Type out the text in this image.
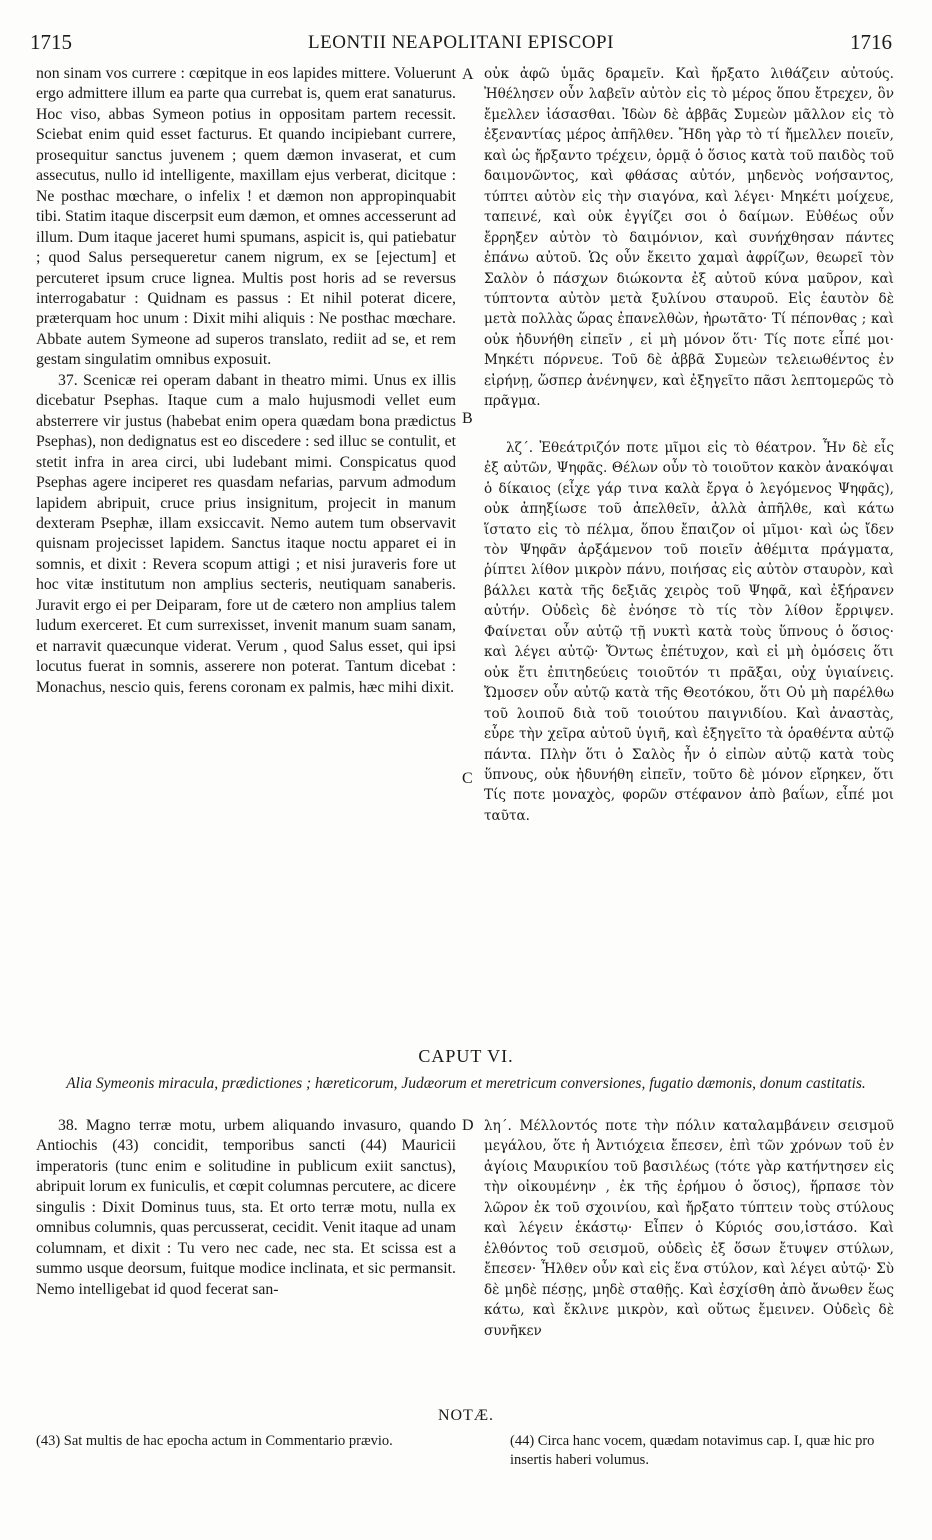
1715	LEONTII NEAPOLITANI EPISCOPI	1716
A
B
C
D

non sinam vos currere : cœpitque in eos lapides mittere. Voluerunt ergo admittere illum ea parte qua currebat is, quem erat sanaturus. Hoc viso, abbas Symeon potius in oppositam partem recessit. Sciebat enim quid esset facturus. Et quando incipiebant currere, prosequitur sanctus juvenem ; quem dæmon invaserat, et cum assecutus, nullo id intelligente, maxillam ejus verberat, dicitque : Ne posthac mœchare, o infelix ! et dæmon non appropinquabit tibi. Statim itaque discerpsit eum dæmon, et omnes accesserunt ad illum. Dum itaque jaceret humi spumans, aspicit is, qui patiebatur ; quod Salus persequeretur canem nigrum, ex se [ejectum] et percuteret ipsum cruce lignea. Multis post horis ad se reversus interrogabatur : Quidnam es passus : Et nihil poterat dicere, præterquam hoc unum : Dixit mihi aliquis : Ne posthac mœchare. Abbate autem Symeone ad superos translato, rediit ad se, et rem gestam singulatim omnibus exposuit.

37. Scenicæ rei operam dabant in theatro mimi. Unus ex illis dicebatur Psephas. Itaque cum a malo hujusmodi vellet eum absterrere vir justus (habebat enim opera quædam bona prædictus Psephas), non dedignatus est eo discedere : sed illuc se contulit, et stetit infra in area circi, ubi ludebant mimi. Conspicatus quod Psephas agere inciperet res quasdam nefarias, parvum admodum lapidem abripuit, cruce prius insignitum, projecit in manum dexteram Psephæ, illam exsiccavit. Nemo autem tum observavit quisnam projecisset lapidem. Sanctus itaque noctu apparet ei in somnis, et dixit : Revera scopum attigi ; et nisi juraveris fore ut hoc vitæ institutum non amplius secteris, neutiquam sanaberis. Juravit ergo ei per Deiparam, fore ut de cætero non amplius talem ludum exerceret. Et cum surrexisset, invenit manum suam sanam, et narravit quæcunque viderat. Verum , quod Salus esset, qui ipsi locutus fuerat in somnis, asserere non poterat. Tantum dicebat : Monachus, nescio quis, ferens coronam ex palmis, hæc mihi dixit.

οὐκ ἀφῶ ὑμᾶς δραμεῖν. Καὶ ἤρξατο λιθάζειν αὐτούς. Ἠθέλησεν οὖν λαβεῖν αὐτὸν εἰς τὸ μέρος ὅπου ἔτρεχεν, ὃν ἔμελλεν ἰάσασθαι. Ἰδὼν δὲ ἀββᾶς Συμεὼν μᾶλλον εἰς τὸ ἐξεναντίας μέρος ἀπῆλθεν. Ἤδη γὰρ τὸ τί ἤμελλεν ποιεῖν, καὶ ὡς ἤρξαντο τρέχειν, ὁρμᾷ ὁ ὅσιος κατὰ τοῦ παιδὸς τοῦ δαιμονῶντος, καὶ φθάσας αὐτόν, μηδενὸς νοήσαντος, τύπτει αὐτὸν εἰς τὴν σιαγόνα, καὶ λέγει· Μηκέτι μοίχευε, ταπεινέ, καὶ οὐκ ἐγγίζει σοι ὁ δαίμων. Εὐθέως οὖν ἔρρηξεν αὐτὸν τὸ δαιμόνιον, καὶ συνήχθησαν πάντες ἐπάνω αὐτοῦ. Ὡς οὖν ἔκειτο χαμαὶ ἀφρίζων, θεωρεῖ τὸν Σαλὸν ὁ πάσχων διώκοντα ἐξ αὐτοῦ κύνα μαῦρον, καὶ τύπτοντα αὐτὸν μετὰ ξυλίνου σταυροῦ. Εἰς ἑαυτὸν δὲ μετὰ πολλὰς ὥρας ἐπανελθὼν, ἠρωτᾶτο· Τί πέπονθας ; καὶ οὐκ ἠδυνήθη εἰπεῖν , εἰ μὴ μόνον ὅτι· Τίς ποτε εἶπέ μοι· Μηκέτι πόρνευε. Τοῦ δὲ ἀββᾶ Συμεὼν τελειωθέντος ἐν εἰρήνῃ, ὥσπερ ἀνένηψεν, καὶ ἐξηγεῖτο πᾶσι λεπτομερῶς τὸ πρᾶγμα.

λζ΄. Ἐθεάτριζόν ποτε μῖμοι εἰς τὸ θέατρον. Ἦν δὲ εἷς ἐξ αὐτῶν, Ψηφᾶς. Θέλων οὖν τὸ τοιοῦτον κακὸν ἀνακόψαι ὁ δίκαιος (εἶχε γάρ τινα καλὰ ἔργα ὁ λεγόμενος Ψηφᾶς), οὐκ ἀπηξίωσε τοῦ ἀπελθεῖν, ἀλλὰ ἀπῆλθε, καὶ κάτω ἵστατο εἰς τὸ πέλμα, ὅπου ἔπαιζον οἱ μῖμοι· καὶ ὡς ἴδεν τὸν Ψηφᾶν ἀρξάμενον τοῦ ποιεῖν ἀθέμιτα πράγματα, ῥίπτει λίθον μικρὸν πάνυ, ποιήσας εἰς αὐτὸν σταυρὸν, καὶ βάλλει κατὰ τῆς δεξιᾶς χειρὸς τοῦ Ψηφᾶ, καὶ ἐξήρανεν αὐτήν. Οὐδεὶς δὲ ἐνόησε τὸ τίς τὸν λίθον ἔρριψεν. Φαίνεται οὖν αὐτῷ τῇ νυκτὶ κατὰ τοὺς ὕπνους ὁ ὅσιος· καὶ λέγει αὐτῷ· Ὄντως ἐπέτυχον, καὶ εἰ μὴ ὀμόσεις ὅτι οὐκ ἔτι ἐπιτηδεύεις τοιοῦτόν τι πρᾶξαι, οὐχ ὑγιαίνεις. Ὤμοσεν οὖν αὐτῷ κατὰ τῆς Θεοτόκου, ὅτι Οὐ μὴ παρέλθω τοῦ λοιποῦ διὰ τοῦ τοιούτου παιγνιδίου. Καὶ ἀναστὰς, εὗρε τὴν χεῖρα αὐτοῦ ὑγιῆ, καὶ ἐξηγεῖτο τὰ ὁραθέντα αὐτῷ πάντα. Πλὴν ὅτι ὁ Σαλὸς ἦν ὁ εἰπὼν αὐτῷ κατὰ τοὺς ὕπνους, οὐκ ἠδυνήθη εἰπεῖν, τοῦτο δὲ μόνον εἴρηκεν, ὅτι Τίς ποτε μοναχὸς, φορῶν στέφανον ἀπὸ βαΐων, εἶπέ μοι ταῦτα.

CAPUT VI.
Alia Symeonis miracula, prædictiones ; hæreticorum, Judæorum et meretricum conversiones, fugatio dæmonis, donum castitatis.

38. Magno terræ motu, urbem aliquando invasuro, quando Antiochis (43) concidit, temporibus sancti (44) Mauricii imperatoris (tunc enim e solitudine in publicum exiit sanctus), abripuit lorum ex funiculis, et cœpit columnas percutere, ac dicere singulis : Dixit Dominus tuus, sta. Et orto terræ motu, nulla ex omnibus columnis, quas percusserat, cecidit. Venit itaque ad unam columnam, et dixit : Tu vero nec cade, nec sta. Et scissa est a summo usque deorsum, fuitque modice inclinata, et sic permansit. Nemo intelligebat id quod fecerat san-

λη΄. Μέλλοντός ποτε τὴν πόλιν καταλαμβάνειν σεισμοῦ μεγάλου, ὅτε ἡ Ἀντιόχεια ἔπεσεν, ἐπὶ τῶν χρόνων τοῦ ἐν ἁγίοις Μαυρικίου τοῦ βασιλέως (τότε γὰρ κατήντησεν εἰς τὴν οἰκουμένην , ἐκ τῆς ἐρήμου ὁ ὅσιος), ἥρπασε τὸν λῶρον ἐκ τοῦ σχοινίου, καὶ ἤρξατο τύπτειν τοὺς στύλους καὶ λέγειν ἑκάστῳ· Εἶπεν ὁ Κύριός σου,ἱστάσο. Καὶ ἐλθόντος τοῦ σεισμοῦ, οὐδεὶς ἐξ ὅσων ἔτυψεν στύλων, ἔπεσεν· Ἦλθεν οὖν καὶ εἰς ἕνα στύλον, καὶ λέγει αὐτῷ· Σὺ δὲ μηδὲ πέσῃς, μηδὲ σταθῇς. Καὶ ἐσχίσθη ἀπὸ ἄνωθεν ἕως κάτω, καὶ ἔκλινε μικρὸν, καὶ οὕτως ἔμεινεν. Οὐδεὶς δὲ συνῆκεν

NOTÆ.
(43) Sat multis de hac epocha actum in Commentario prævio.	(44) Circa hanc vocem, quædam notavimus cap. I, quæ hic pro insertis haberi volumus.
